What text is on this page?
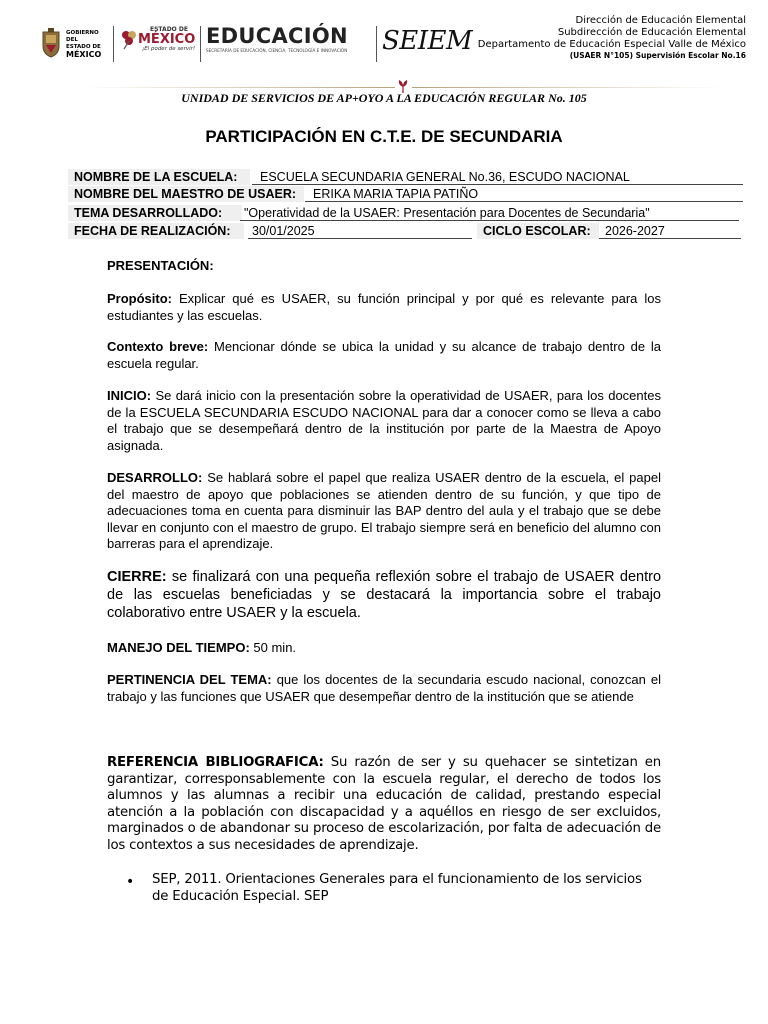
GOBIERNO DEL
ESTADO DE
MÉXICO
ESTADO DE
MÉXICO
¡El poder de servir!
EDUCACIÓN
SECRETARÍA DE EDUCACIÓN, CIENCIA, TECNOLOGÍA E INNOVACIÓN	SEIEM
Dirección de Educación Elemental
Subdirección de Educación Elemental
Departamento de Educación Especial Valle de México
(USAER N°105) Supervisión Escolar No.16
UNIDAD DE SERVICIOS DE AP+OYO A LA EDUCACIÓN REGULAR No. 105
PARTICIPACIÓN EN C.T.E. DE SECUNDARIA
NOMBRE DE LA ESCUELA:	ESCUELA SECUNDARIA GENERAL No.36, ESCUDO NACIONAL
NOMBRE DEL MAESTRO DE USAER:	ERIKA MARIA TAPIA PATIÑO
TEMA DESARROLLADO:	"Operatividad de la USAER: Presentación para Docentes de Secundaria"
FECHA DE REALIZACIÓN:	30/01/2025	CICLO ESCOLAR:	2026-2027
PRESENTACIÓN:
Propósito: Explicar qué es USAER, su función principal y por qué es relevante para los estudiantes y las escuelas.
Contexto breve: Mencionar dónde se ubica la unidad y su alcance de trabajo dentro de la escuela regular.
INICIO: Se dará inicio con la presentación sobre la operatividad de USAER, para los docentes de la ESCUELA SECUNDARIA ESCUDO NACIONAL para dar a conocer como se lleva a cabo el trabajo que se desempeñará dentro de la institución por parte de la Maestra de Apoyo asignada.
DESARROLLO: Se hablará sobre el papel que realiza USAER dentro de la escuela, el papel del maestro de apoyo que poblaciones se atienden dentro de su función, y que tipo de adecuaciones toma en cuenta para disminuir las BAP dentro del aula y el trabajo que se debe llevar en conjunto con el maestro de grupo. El trabajo siempre será en beneficio del alumno con barreras para el aprendizaje.
CIERRE: se finalizará con una pequeña reflexión sobre el trabajo de USAER dentro de las escuelas beneficiadas y se destacará la importancia sobre el trabajo colaborativo entre USAER y la escuela.
MANEJO DEL TIEMPO: 50 min.
PERTINENCIA DEL TEMA: que los docentes de la secundaria escudo nacional, conozcan el trabajo y las funciones que USAER que desempeñar dentro de la institución que se atiende
REFERENCIA BIBLIOGRAFICA: Su razón de ser y su quehacer se sintetizan en garantizar, corresponsablemente con la escuela regular, el derecho de todos los alumnos y las alumnas a recibir una educación de calidad, prestando especial atención a la población con discapacidad y a aquéllos en riesgo de ser excluidos, marginados o de abandonar su proceso de escolarización, por falta de adecuación de los contextos a sus necesidades de aprendizaje.
• SEP, 2011. Orientaciones Generales para el funcionamiento de los servicios de Educación Especial. SEP
